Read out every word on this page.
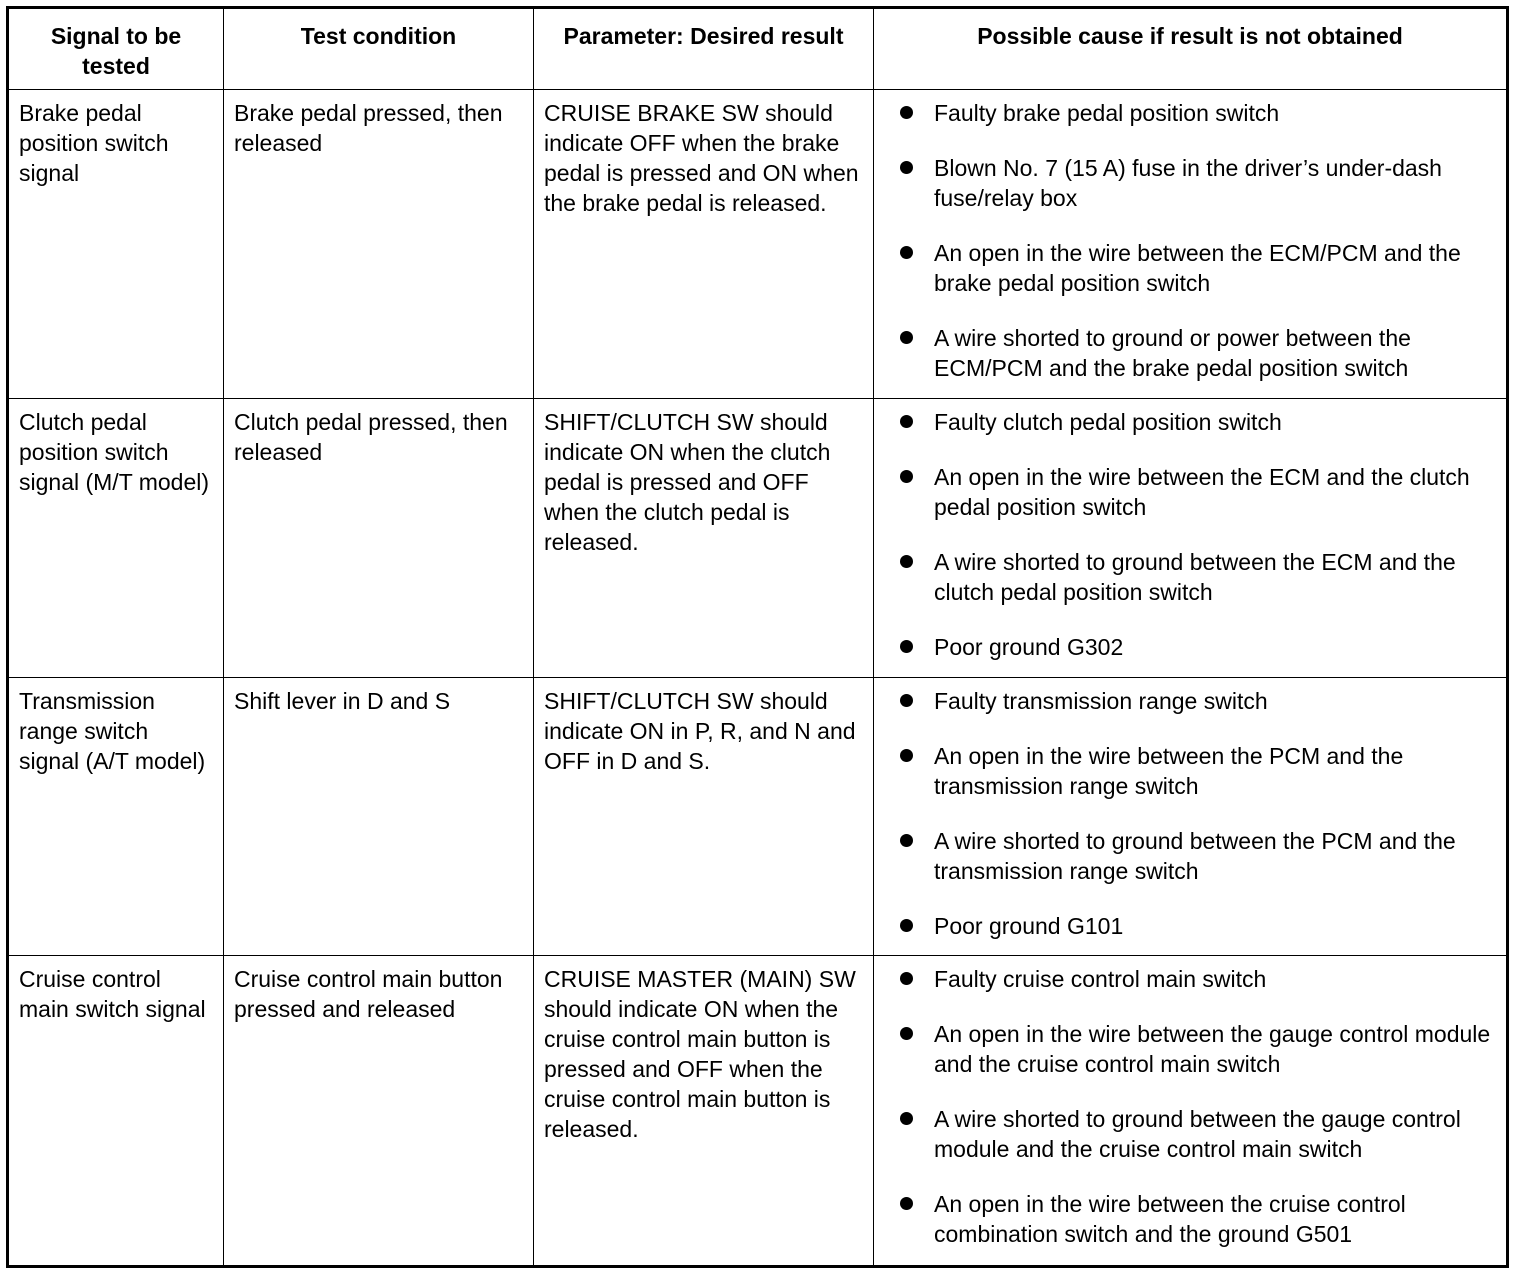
Signal to be tested	Test condition	Parameter: Desired result	Possible cause if result is not obtained
Brake pedal position switch signal	Brake pedal pressed, then released	CRUISE BRAKE SW should indicate OFF when the brake pedal is pressed and ON when the brake pedal is released.	Faulty brake pedal position switch
Blown No. 7 (15 A) fuse in the driver’s under-dash fuse/relay box
An open in the wire between the ECM/PCM and the brake pedal position switch
A wire shorted to ground or power between the ECM/PCM and the brake pedal position switch

Clutch pedal position switch signal (M/T model)	Clutch pedal pressed, then released	SHIFT/CLUTCH SW should indicate ON when the clutch pedal is pressed and OFF when the clutch pedal is released.	Faulty clutch pedal position switch
An open in the wire between the ECM and the clutch pedal position switch
A wire shorted to ground between the ECM and the clutch pedal position switch
Poor ground G302

Transmission range switch signal (A/T model)	Shift lever in D and S	SHIFT/CLUTCH SW should indicate ON in P, R, and N and OFF in D and S.	Faulty transmission range switch
An open in the wire between the PCM and the transmission range switch
A wire shorted to ground between the PCM and the transmission range switch
Poor ground G101

Cruise control main switch signal	Cruise control main button pressed and released	CRUISE MASTER (MAIN) SW should indicate ON when the cruise control main button is pressed and OFF when the cruise control main button is released.	Faulty cruise control main switch
An open in the wire between the gauge control module and the cruise control main switch
A wire shorted to ground between the gauge control module and the cruise control main switch
An open in the wire between the cruise control combination switch and the ground G501
